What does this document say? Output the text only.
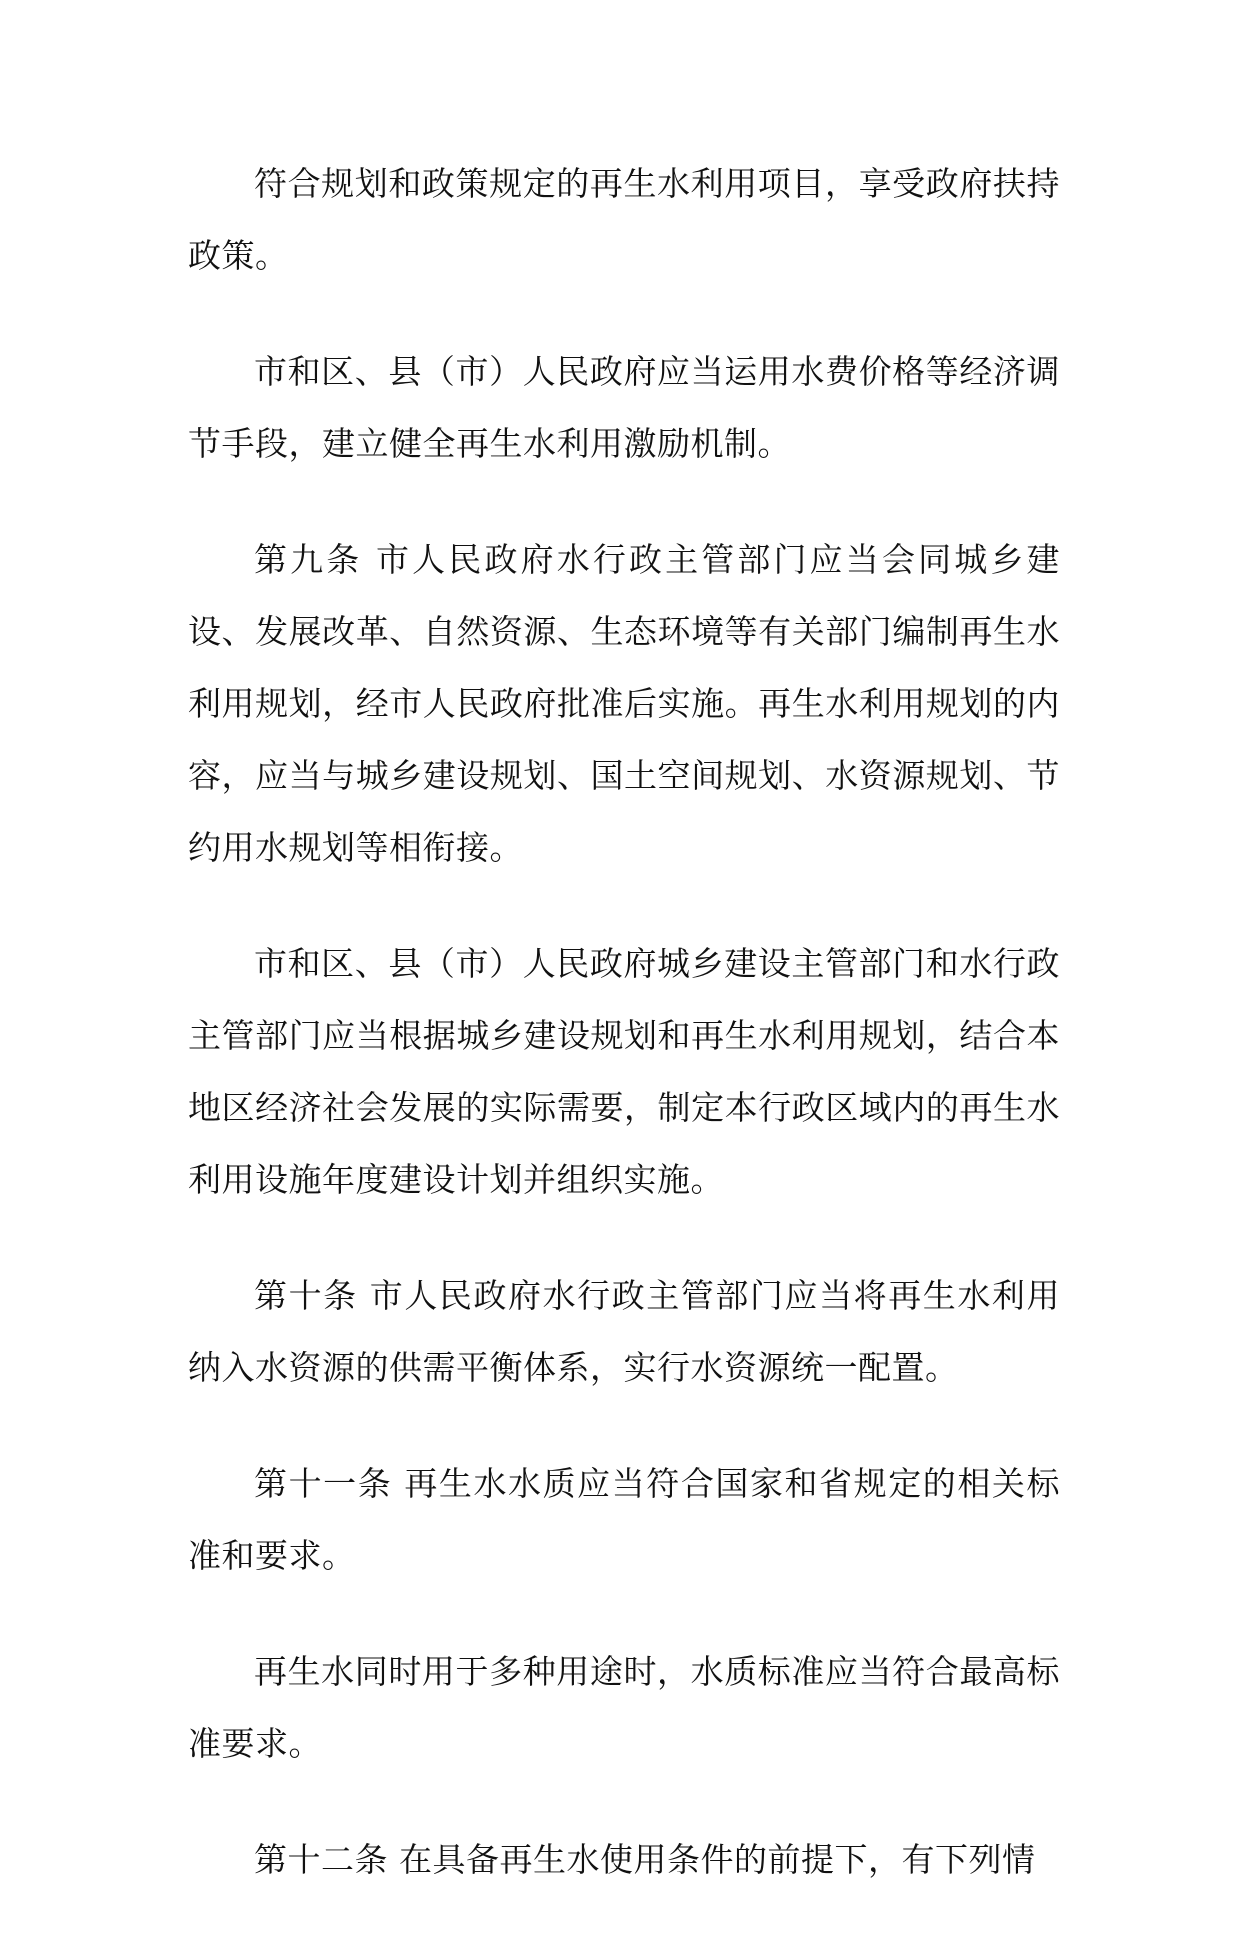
符合规划和政策规定的再生水利用项目，享受政府扶持政策。

市和区、县（市）人民政府应当运用水费价格等经济调节手段，建立健全再生水利用激励机制。

第九条 市人民政府水行政主管部门应当会同城乡建设、发展改革、自然资源、生态环境等有关部门编制再生水利用规划，经市人民政府批准后实施。再生水利用规划的内容，应当与城乡建设规划、国土空间规划、水资源规划、节约用水规划等相衔接。

市和区、县（市）人民政府城乡建设主管部门和水行政主管部门应当根据城乡建设规划和再生水利用规划，结合本地区经济社会发展的实际需要，制定本行政区域内的再生水利用设施年度建设计划并组织实施。

第十条 市人民政府水行政主管部门应当将再生水利用纳入水资源的供需平衡体系，实行水资源统一配置。

第十一条 再生水水质应当符合国家和省规定的相关标准和要求。

再生水同时用于多种用途时，水质标准应当符合最高标准要求。

第十二条 在具备再生水使用条件的前提下，有下列情
